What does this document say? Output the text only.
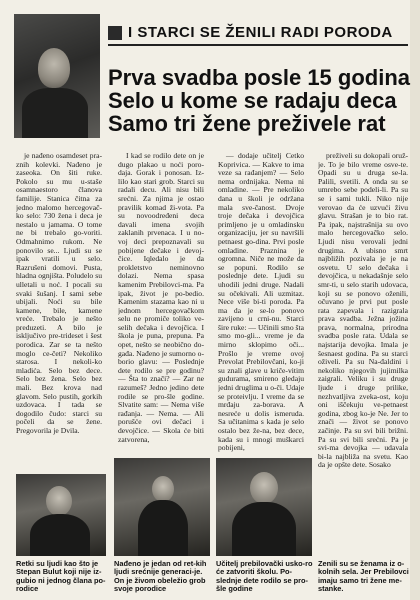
I STARCI SE ŽENILI RADI PORODA
Prva svadba posle 15 godina
Selo u kome se radaju deca
Samo tri žene preživele rat

je nađeno osamdeset pra-znih kolevki. Nađeno je zaseoka. On šiti ruke. Pokolo su mu u-staše osamnaestoro članova familije. Stanica čitna za jedno malomo hercegovač-ko selo: 730 žena i deca je nestalo u jamama. O tome ne bi trebalo go-voriti. Odmahnimo rukom. Ne ponovilo se... Ljudi su se ipak vratili u selo. Razrušeni domovi. Pusta, hladna ognjišta. Poludelo su ulletali u noć. I pocali su svaki šušanj. I sami sebe ubijali. Noći su bile kamene, bile, kamene vreće. Trebalo je nešto preduzeti. A bilo je isključivo pre-trideset i šest porodica. Zar se ta nešto moglo ce-četi? Nekoliko starosa. I nekoli-ko mladića. Selo bez dece. Selo bez žena. Selo bez mali. Bez krova nad glavom. Selo pustih, gorkih uzdovaca. I tada se dogodilo čudo: starci su počeli da se žene. Pregovorila je Dvila.

I kad se rodilo dete on je dugo plakao u noći poro-daja. Gorak i ponosan. Iz-lilo kao stari grob. Starci su radali decu. Ali nisu bili srećni. Za njima je ostao pravilik komad ži-vota. Pa su novoodređeni deca davali imena svojih zaklanih prvenaca. I u no-voj deci prepoznavali su pobijene dečake i devoj-čice. Iqledalo je da prokletstvo neminovno dolazi. Nema spasa kamenim Prebilovci-ma. Pa ipak, život je po-bedio. Kamenim stazama kao ni u jednom hercegovačkom selu ne promiče toliko ve-selih dečaka i devojčica. I škola je puna, prepuna. Pa opet, nešto se neobično do-gađa. Nađeno je sumorno o-borio glavu: — Poslednje dete rodilo se pre godinu? — Šta to znači? — Zar ne razumeš? Jedno jedino dete rodile se pro-šle godine. Slvatite sam: — Nema više rađanja. — Nema. — Ali porušće ovi dečaci i devojčice. — Skola će biti zatvorena,

— dodaje učitelj Cetko Koprivica. — Kakve to ima veze sa rađanjem? — Selo nema ordnijaka. Nema ni omladine. — Pre nekoliko dana u školi je održana mala sve-čanost. Dvoje troje dečaka i devojčica primljeno je u omladinsku organizaciju, jer su navršili petnaest go-dina. Prvi posle omladine. Praznina je ogromna. Niče ne može da se popuni. Rodilo se poslednje dete. Ljudi su uhodili jedni druge. Nadali su očekivali. Ali uzmitaz. Nece više bi-ti poroda. Pa ma da je se-lo ponovo zavijeno u crni-nu. Starci šire ruke: — Učinili smo šta smo mo-gli... vreme je da mirno sklopimo oči... Prošlo je vreme ovoj Prevolat Prebilovčani, ko-ji su znali glave u kriče-vitim gudurama, smireno gledaju jedni druglima u o-či. Udaje se proteivlju. I vreme da se mrđaju za-borava. A nesreće u dolis ismeruda. Sa učitanima s kada je selo ostalo bez že-na, bez dece, kada su i mnogi muškarci pobijeni,

preživeli su dokopali oruž-je. To je bilo vreme osve-te. Opadi su u druga se-la. Palili, svetili. A onda su se umrebo sebe podeli-li. Pa su se i sami tukli. Niko nije verovao da će uzvući živu glavu. Strašan je to bio rat. Pa ipak, najstrašnija su ovo malo hercegovačko selo. Ljudi nisu verovali jedni drugima. A ubisno smrt najbližih pozivala je je na osvetu. U selo dečaka i devojčica, u nekadašnje selo smr-ti, u selo starih udovaca, koji su se ponovo oženili, očuvano je prvi put posle rata zapevala i razigrala prava svadba. Ježna jožina prava, normalna, prirodna svadba posle rata. Udala se najstarija devojka. Imala je šesnaest godina. Pa su starci oživeli. Pa su Na-đaldini i nekoliko njegovih jujimilka zaigrali. Veliku i su druge ljude i druge prilike, nezhvatljiva zveka-ost, koju oni iščekuju ve-petnaest godina, zbog ko-je Ne. Jer to znači — život se ponovo začinje. Pa su svi bili brižni. Pa su svi bili srećni. Pa je svi-ma devojka — udavala bi-la najbliža na svetu. Kao da je opšte dete. Sosako

Retki su ljudi kao što je Stepan Bulut koji nije iz-gubio ni jednog člana po-rodice
Nađeno je jedan od ret-kih ljudi srećnije generaci-je. On je živom obeležio grob svoje porodice
Učitelj prebilovački usko-ro će zatvoriti školu. Po-slednje dete rodilo se pro-šle godine
Zenili su se ženama iz o-kolnih sela. Jer Prebilovci imaju samo tri žene me-stanke.
